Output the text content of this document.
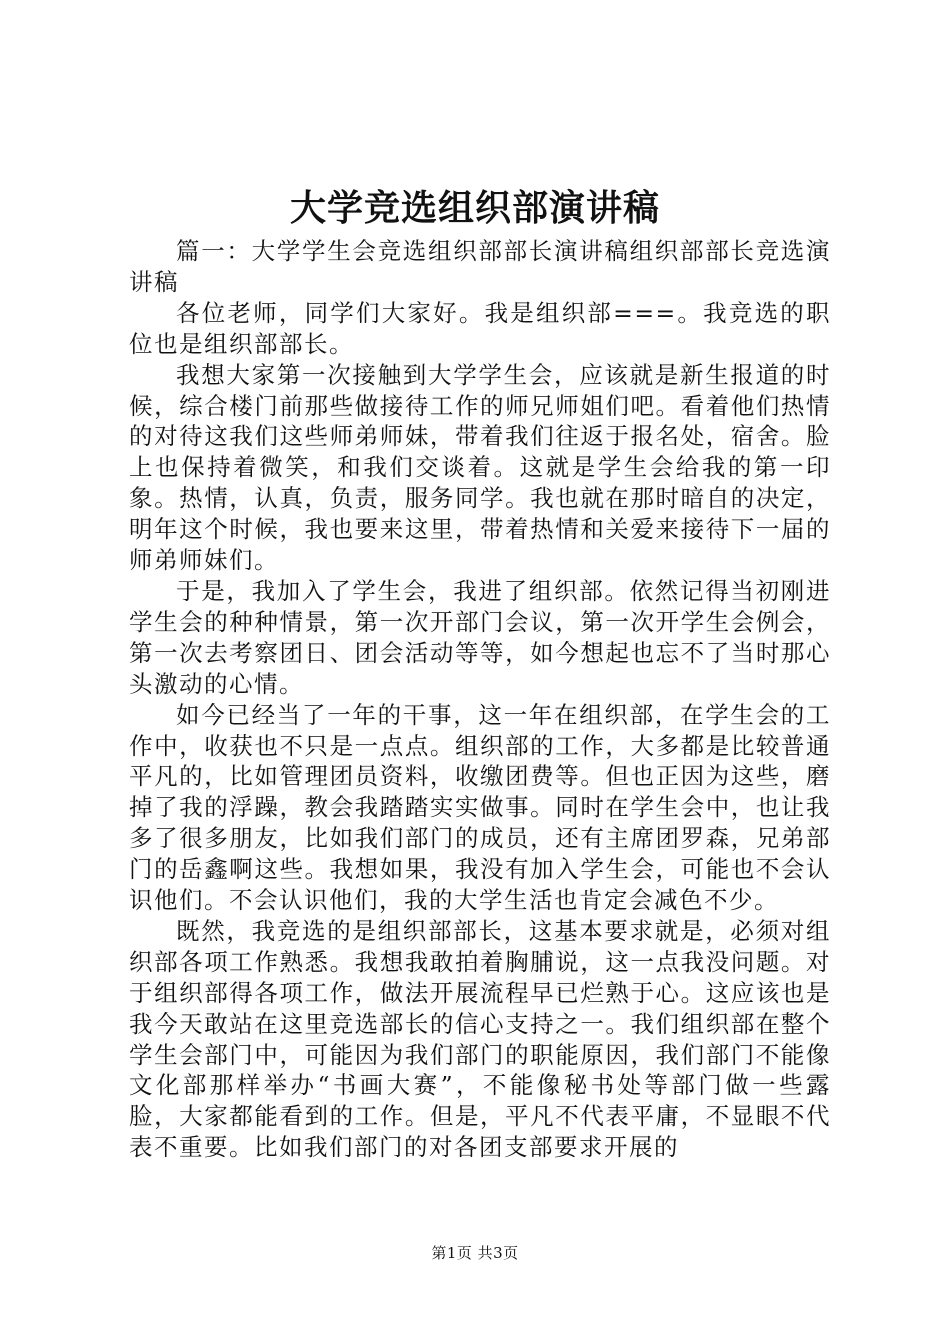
大学竞选组织部演讲稿

篇一：大学学生会竞选组织部部长演讲稿组织部部长竞选演讲稿

各位老师，同学们大家好。我是组织部===。我竞选的职位也是组织部部长。

我想大家第一次接触到大学学生会，应该就是新生报道的时候，综合楼门前那些做接待工作的师兄师姐们吧。看着他们热情的对待这我们这些师弟师妹，带着我们往返于报名处，宿舍。脸上也保持着微笑，和我们交谈着。这就是学生会给我的第一印象。热情，认真，负责，服务同学。我也就在那时暗自的决定，明年这个时候，我也要来这里，带着热情和关爱来接待下一届的师弟师妹们。

于是，我加入了学生会，我进了组织部。依然记得当初刚进学生会的种种情景，第一次开部门会议，第一次开学生会例会，第一次去考察团日、团会活动等等，如今想起也忘不了当时那心头激动的心情。

如今已经当了一年的干事，这一年在组织部，在学生会的工作中，收获也不只是一点点。组织部的工作，大多都是比较普通平凡的，比如管理团员资料，收缴团费等。但也正因为这些，磨掉了我的浮躁，教会我踏踏实实做事。同时在学生会中，也让我多了很多朋友，比如我们部门的成员，还有主席团罗森，兄弟部门的岳鑫啊这些。我想如果，我没有加入学生会，可能也不会认识他们。不会认识他们，我的大学生活也肯定会减色不少。

既然，我竞选的是组织部部长，这基本要求就是，必须对组织部各项工作熟悉。我想我敢拍着胸脯说，这一点我没问题。对于组织部得各项工作，做法开展流程早已烂熟于心。这应该也是我今天敢站在这里竞选部长的信心支持之一。我们组织部在整个学生会部门中，可能因为我们部门的职能原因，我们部门不能像文化部那样举办“书画大赛”，不能像秘书处等部门做一些露脸，大家都能看到的工作。但是，平凡不代表平庸，不显眼不代表不重要。比如我们部门的对各团支部要求开展的

第1页 共3页
